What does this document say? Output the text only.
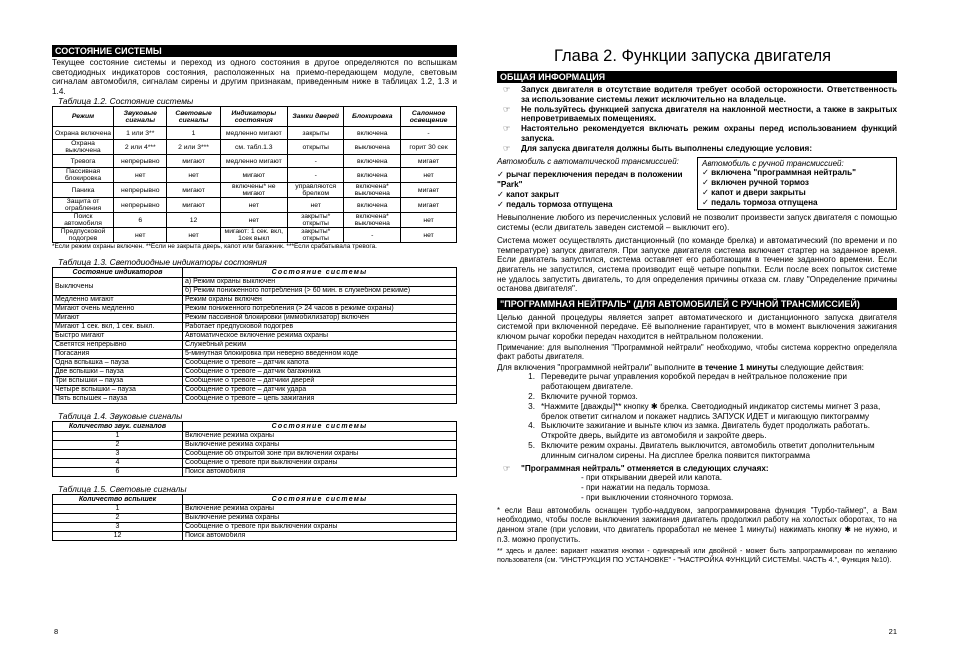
СОСТОЯНИЕ СИСТЕМЫ
Текущее состояние системы и переход из одного состояния в другое определяются по вспышкам светодиодных индикаторов состояния, расположенных на приемо-передающем модуле, световым сигналам автомобиля, сигналам сирены и другим признакам, приведенным ниже в таблицах 1.2, 1.3 и 1.4.
Таблица 1.2. Состояние системы
Режим	Звуковые сигналы	Световые сигналы	Индикаторы состояния	Замки дверей	Блокировка	Салонное освещение
Охрана включена	1 или 3**	1	медленно мигают	закрыты	включена	-
Охрана выключена	2 или 4***	2 или 3***	см. табл.1.3	открыты	выключена	горит 30 сек
Тревога	непрерывно	мигают	медленно мигают	-	включена	мигает
Пассивная блокировка	нет	нет	мигают	-	включена	нет
Паника	непрерывно	мигают	включены* не мигают	управляются брелком	включена* выключена	мигает
Защита от ограбления	непрерывно	мигают	нет	нет	включена	мигает
Поиск автомобиля	6	12	нет	закрыты* открыты	включена* выключена	нет
Предпусковой подогрев	нет	нет	мигают: 1 сек. вкл, 1сек выкл	закрыты* открыты	-	нет
*Если режим охраны включен. **Если не закрыта дверь, капот или багажник. ***Если срабатывала тревога.
Таблица 1.3. Светодиодные индикаторы состояния
Состояние индикаторов	Состояние системы
Выключены	а) Режим охраны выключен
б) Режим пониженного потребления (> 60 мин. в служебном режиме)

Медленно мигают	Режим охраны включен
Мигают очень медленно	Режим пониженного потребления (> 24 часов в режиме охраны)
Мигают	Режим пассивной блокировки (иммобилизатор) включен
Мигают 1 сек. вкл, 1 сек. выкл.	Работает предпусковой подогрев
Быстро мигают	Автоматическое включение режима охраны
Светятся непрерывно	Служебный режим
Погасания	5-минутная блокировка при неверно введенном коде
Одна вспышка – пауза	Сообщение о тревоге – датчик капота
Две вспышки – пауза	Сообщение о тревоге – датчик багажника
Три вспышки – пауза	Сообщение о тревоге – датчики дверей
Четыре вспышки – пауза	Сообщение о тревоге – датчик удара
Пять вспышек – пауза	Сообщение о тревоге – цепь зажигания
Таблица 1.4. Звуковые сигналы
Количество звук. сигналов	Состояние системы
1	Включение режима охраны
2	Выключение режима охраны
3	Сообщение об открытой зоне при включении охраны
4	Сообщение о тревоге при выключении охраны
6	Поиск автомобиля
Таблица 1.5. Световые сигналы
Количество вспышек	Состояние системы
1	Включение режима охраны
2	Выключение режима охраны
3	Сообщение о тревоге при выключении охраны
12	Поиск автомобиля
8
Глава 2. Функции запуска двигателя
ОБЩАЯ ИНФОРМАЦИЯ
☞	Запуск двигателя в отсутствие водителя требует особой осторожности. Ответственность за использование системы лежит исключительно на владельце.
☞	Не пользуйтесь функцией запуска двигателя на наклонной местности, а также в закрытых непроветриваемых помещениях.
☞	Настоятельно рекомендуется включать режим охраны перед использованием функций запуска.
☞	Для запуска двигателя должны быть выполнены следующие условия:
Автомобиль с автоматической трансмиссией:
✓ рычаг переключения передач в положении "Park"
✓ капот закрыт
✓ педаль тормоза отпущена
Автомобиль с ручной трансмиссией:
✓ включена "программная нейтраль"
✓ включен ручной тормоз
✓ капот и двери закрыты
✓ педаль тормоза отпущена
Невыполнение любого из перечисленных условий не позволит произвести запуск двигателя с помощью системы (если двигатель заведен системой – выключит его).
Система может осуществлять дистанционный (по команде брелка) и автоматический (по времени и по температуре) запуск двигателя. При запуске двигателя система включает стартер на заданное время. Если двигатель запустился, система оставляет его работающим в течение заданного времени. Если двигатель не запустился, система производит ещё четыре попытки. Если после всех попыток системе не удалось запустить двигатель, то для определения причины отказа см. главу "Определение причины останова двигателя".
"ПРОГРАММНАЯ НЕЙТРАЛЬ" (ДЛЯ АВТОМОБИЛЕЙ С РУЧНОЙ ТРАНСМИССИЕЙ)
Целью данной процедуры является запрет автоматического и дистанционного запуска двигателя системой при включенной передаче. Её выполнение гарантирует, что в момент выключения зажигания ключом рычаг коробки передач находится в нейтральном положении.
Примечание: для выполнения "Программной нейтрали" необходимо, чтобы система корректно определяла факт работы двигателя.
Для включения "программной нейтрали" выполните в течение 1 минуты следующие действия:
1. Переведите рычаг управления коробкой передач в нейтральное положение при работающем двигателе.
2. Включите ручной тормоз.
3. *Нажмите [дважды]** кнопку ✱ брелка. Светодиодный индикатор системы мигнет 3 раза, брелок ответит сигналом и покажет надпись ЗАПУСК ИДЕТ и мигающую пиктограмму
4. Выключите зажигание и выньте ключ из замка. Двигатель будет продолжать работать. Откройте дверь, выйдите из автомобиля и закройте дверь.
5. Включите режим охраны. Двигатель выключится, автомобиль ответит дополнительным длинным сигналом сирены. На дисплее брелка появится пиктограмма
☞	"Программная нейтраль" отменяется в следующих случаях:
- при открывании дверей или капота.
- при нажатии на педаль тормоза.
- при выключении стояночного тормоза.
* если Ваш автомобиль оснащен турбо-наддувом, запрограммирована функция "Турбо-таймер", а Вам необходимо, чтобы после выключения зажигания двигатель продолжил работу на холостых оборотах, то на данном этапе (при условии, что двигатель проработал не менее 1 минуты) нажимать кнопку ✱ не нужно, и п.3. можно пропустить.
** здесь и далее: вариант нажатия кнопки - одинарный или двойной - может быть запрограммирован по желанию пользователя (см. "ИНСТРУКЦИЯ ПО УСТАНОВКЕ" - "НАСТРОЙКА ФУНКЦИЙ СИСТЕМЫ. ЧАСТЬ 4.", Функция №10).
21
